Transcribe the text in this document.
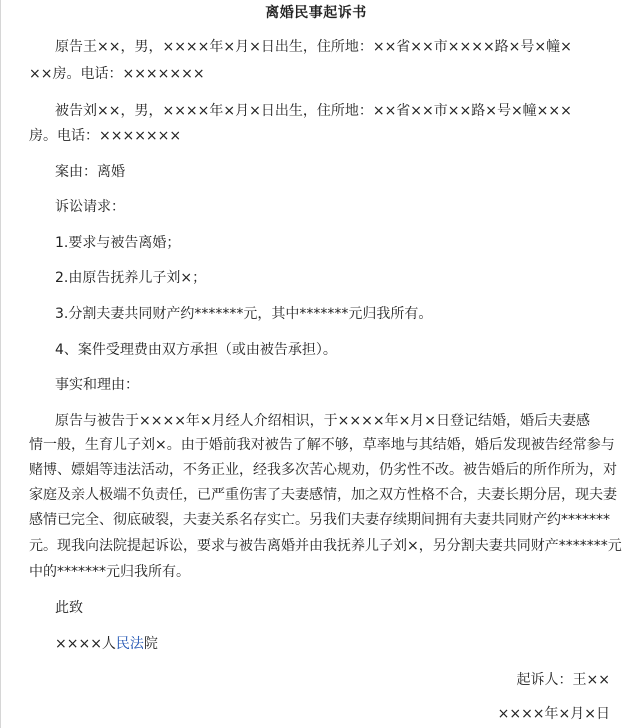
离婚民事起诉书
原告王××，男，××××年×月×日出生，住所地：××省××市××××路×号×幢×
××房。电话：×××××××
被告刘××，男，××××年×月×日出生，住所地：××省××市××路×号×幢×××
房。电话：×××××××
案由：离婚
诉讼请求：
1.要求与被告离婚；
2.由原告抚养儿子刘×；
3.分割夫妻共同财产约*******元，其中*******元归我所有。
4、案件受理费由双方承担（或由被告承担）。
事实和理由：
原告与被告于××××年×月经人介绍相识，于××××年×月×日登记结婚，婚后夫妻感
情一般，生育儿子刘×。由于婚前我对被告了解不够，草率地与其结婚，婚后发现被告经常参与
赌博、嫖娼等违法活动，不务正业，经我多次苦心规劝，仍劣性不改。被告婚后的所作所为，对
家庭及亲人极端不负责任，已严重伤害了夫妻感情，加之双方性格不合，夫妻长期分居，现夫妻
感情已完全、彻底破裂，夫妻关系名存实亡。另我们夫妻存续期间拥有夫妻共同财产约*******
元。现我向法院提起诉讼，要求与被告离婚并由我抚养儿子刘×，另分割夫妻共同财产*******元
中的*******元归我所有。
此致
××××人民法院
起诉人：王××
××××年×月×日
